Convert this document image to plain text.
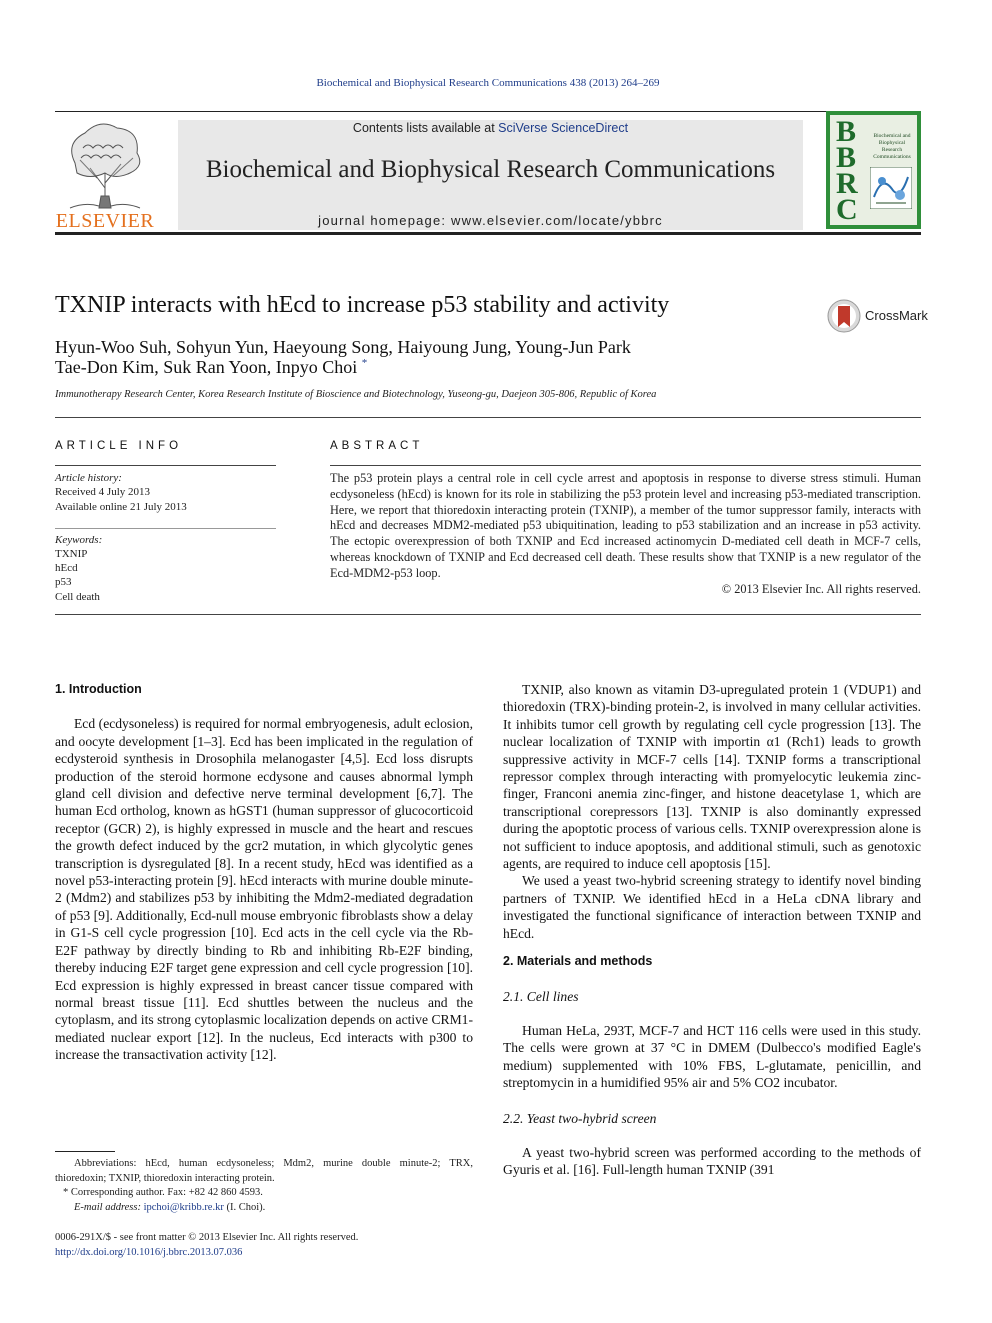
Biochemical and Biophysical Research Communications 438 (2013) 264–269
ELSEVIER
Contents lists available at SciVerse ScienceDirect
Biochemical and Biophysical Research Communications
journal homepage: www.elsevier.com/locate/ybbrc
B
B
R
C
Biochemical and
Biophysical
Research
Communications
TXNIP interacts with hEcd to increase p53 stability and activity	CrossMark
Hyun-Woo Suh, Sohyun Yun, Haeyoung Song, Haiyoung Jung, Young-Jun Park
Tae-Don Kim, Suk Ran Yoon, Inpyo Choi *
Immunotherapy Research Center, Korea Research Institute of Bioscience and Biotechnology, Yuseong-gu, Daejeon 305-806, Republic of Korea
ARTICLE INFO	ABSTRACT
Article history:
Received 4 July 2013
Available online 21 July 2013
Keywords:
TXNIP
hEcd
p53
Cell death
The p53 protein plays a central role in cell cycle arrest and apoptosis in response to diverse stress stimuli. Human ecdysoneless (hEcd) is known for its role in stabilizing the p53 protein level and increasing p53-mediated transcription. Here, we report that thioredoxin interacting protein (TXNIP), a member of the tumor suppressor family, interacts with hEcd and decreases MDM2-mediated p53 ubiquitination, leading to p53 stabilization and an increase in p53 activity. The ectopic overexpression of both TXNIP and Ecd increased actinomycin D-mediated cell death in MCF-7 cells, whereas knockdown of TXNIP and Ecd decreased cell death. These results show that TXNIP is a new regulator of the Ecd-MDM2-p53 loop.
© 2013 Elsevier Inc. All rights reserved.
1. Introduction

Ecd (ecdysoneless) is required for normal embryogenesis, adult eclosion, and oocyte development [1–3]. Ecd has been implicated in the regulation of ecdysteroid synthesis in Drosophila melanogaster [4,5]. Ecd loss disrupts production of the steroid hormone ecdysone and causes abnormal lymph gland cell division and defective nerve terminal development [6,7]. The human Ecd ortholog, known as hGST1 (human suppressor of glucocorticoid receptor (GCR) 2), is highly expressed in muscle and the heart and rescues the growth defect induced by the gcr2 mutation, in which glycolytic genes transcription is dysregulated [8]. In a recent study, hEcd was identified as a novel p53-interacting protein [9]. hEcd interacts with murine double minute-2 (Mdm2) and stabilizes p53 by inhibiting the Mdm2-mediated degradation of p53 [9]. Additionally, Ecd-null mouse embryonic fibroblasts show a delay in G1-S cell cycle progression [10]. Ecd acts in the cell cycle via the Rb-E2F pathway by directly binding to Rb and inhibiting Rb-E2F binding, thereby inducing E2F target gene expression and cell cycle progression [10]. Ecd expression is highly expressed in breast cancer tissue compared with normal breast tissue [11]. Ecd shuttles between the nucleus and the cytoplasm, and its strong cytoplasmic localization depends on active CRM1-mediated nuclear export [12]. In the nucleus, Ecd interacts with p300 to increase the transactivation activity [12].

TXNIP, also known as vitamin D3-upregulated protein 1 (VDUP1) and thioredoxin (TRX)-binding protein-2, is involved in many cellular activities. It inhibits tumor cell growth by regulating cell cycle progression [13]. The nuclear localization of TXNIP with importin α1 (Rch1) leads to growth suppressive activity in MCF-7 cells [14]. TXNIP forms a transcriptional repressor complex through interacting with promyelocytic leukemia zinc-finger, Franconi anemia zinc-finger, and histone deacetylase 1, which are transcriptional corepressors [13]. TXNIP is also dominantly expressed during the apoptotic process of various cells. TXNIP overexpression alone is not sufficient to induce apoptosis, and additional stimuli, such as genotoxic agents, are required to induce cell apoptosis [15].

We used a yeast two-hybrid screening strategy to identify novel binding partners of TXNIP. We identified hEcd in a HeLa cDNA library and investigated the functional significance of interaction between TXNIP and hEcd.

2. Materials and methods
2.1. Cell lines

Human HeLa, 293T, MCF-7 and HCT 116 cells were used in this study. The cells were grown at 37 °C in DMEM (Dulbecco's modified Eagle's medium) supplemented with 10% FBS, L-glutamate, penicillin, and streptomycin in a humidified 95% air and 5% CO2 incubator.

2.2. Yeast two-hybrid screen

A yeast two-hybrid screen was performed according to the methods of Gyuris et al. [16]. Full-length human TXNIP (391

Abbreviations: hEcd, human ecdysoneless; Mdm2, murine double minute-2; TRX, thioredoxin; TXNIP, thioredoxin interacting protein.
* Corresponding author. Fax: +82 42 860 4593.
E-mail address: ipchoi@kribb.re.kr (I. Choi).
0006-291X/$ - see front matter © 2013 Elsevier Inc. All rights reserved.
http://dx.doi.org/10.1016/j.bbrc.2013.07.036
